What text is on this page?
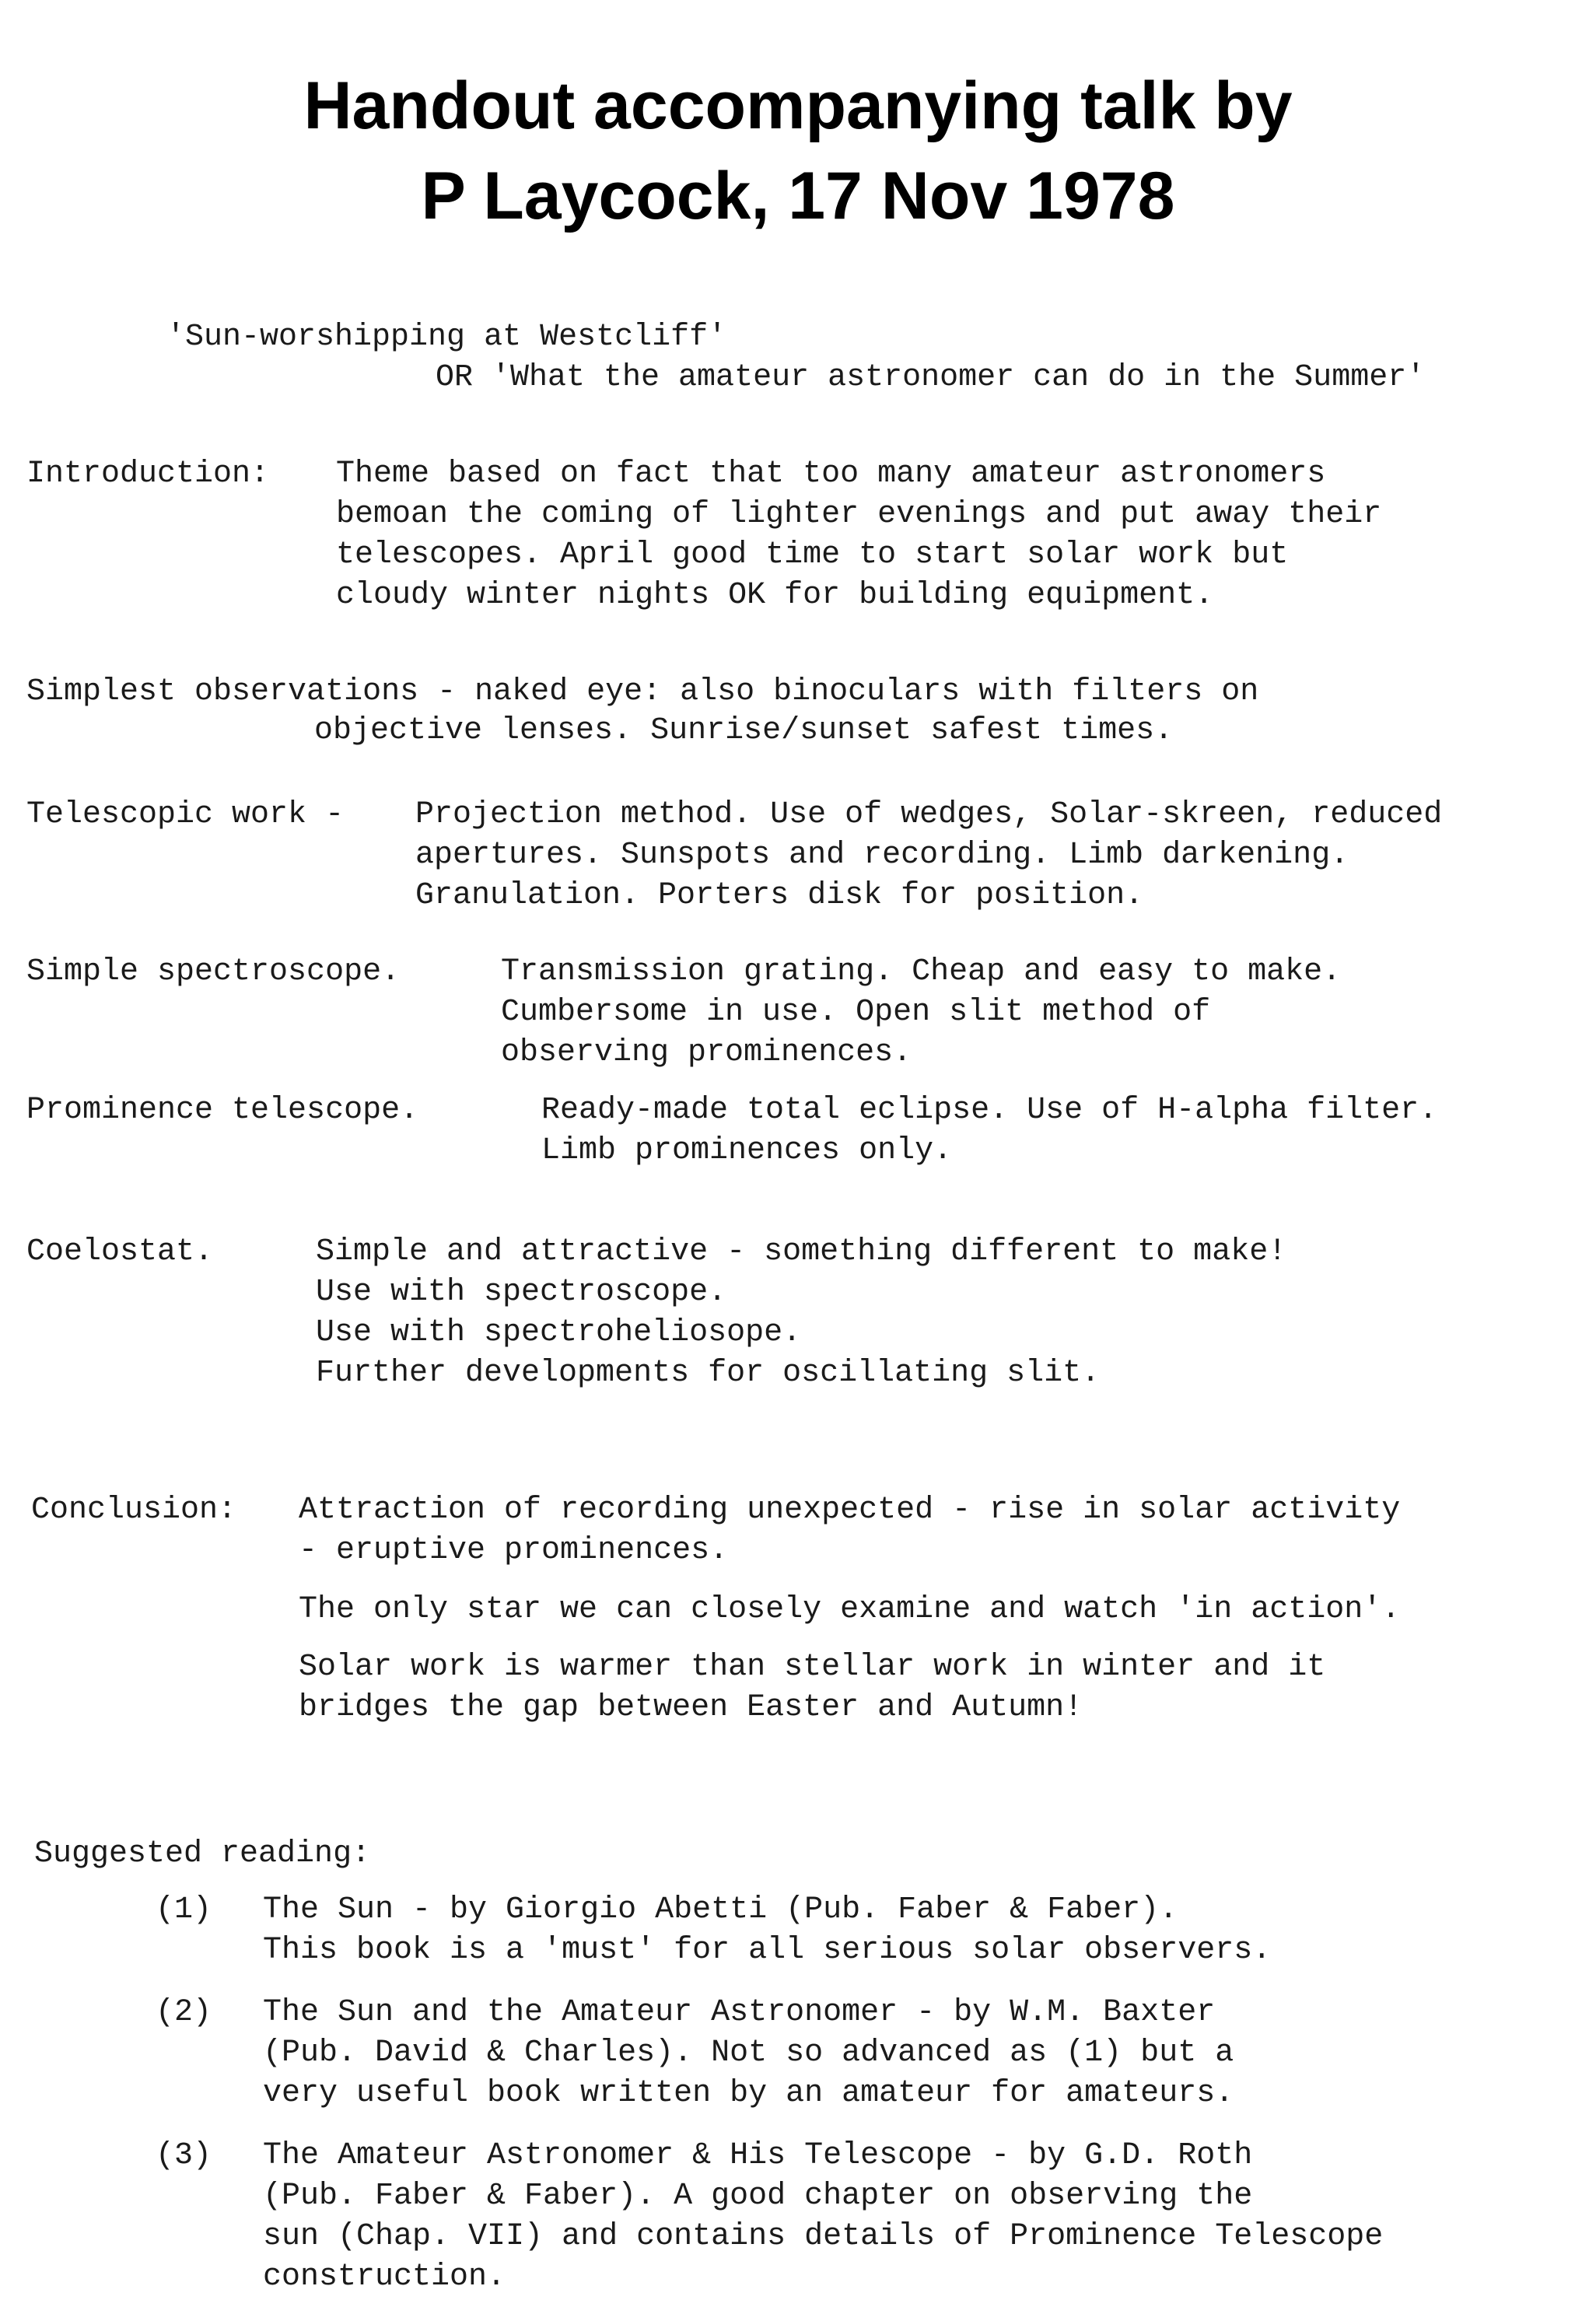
Handout accompanying talk by
P Laycock, 17 Nov 1978
'Sun-worshipping at Westcliff'
OR 'What the amateur astronomer can do in the Summer'
Introduction: Theme based on fact that too many amateur astronomers
bemoan the coming of lighter evenings and put away their
telescopes. April good time to start solar work but
cloudy winter nights OK for building equipment.
Simplest observations - naked eye: also binoculars with filters on
objective lenses. Sunrise/sunset safest times.
Telescopic work - Projection method. Use of wedges, Solar-skreen, reduced
apertures. Sunspots and recording. Limb darkening.
Granulation. Porters disk for position.
Simple spectroscope.	Transmission grating. Cheap and easy to make.
Cumbersome in use. Open slit method of
observing prominences.
Prominence telescope.	Ready-made total eclipse. Use of H-alpha filter.
Limb prominences only.
Coelostat.	Simple and attractive - something different to make!
Use with spectroscope.
Use with spectroheliosope.
Further developments for oscillating slit.
Conclusion: Attraction of recording unexpected - rise in solar activity
- eruptive prominences.
The only star we can closely examine and watch 'in action'.
Solar work is warmer than stellar work in winter and it
bridges the gap between Easter and Autumn!
Suggested reading:
(1) The Sun - by Giorgio Abetti (Pub. Faber & Faber).
This book is a 'must' for all serious solar observers.
(2) The Sun and the Amateur Astronomer - by W.M. Baxter
(Pub. David & Charles). Not so advanced as (1) but a
very useful book written by an amateur for amateurs.
(3) The Amateur Astronomer & His Telescope - by G.D. Roth
(Pub. Faber & Faber). A good chapter on observing the
sun (Chap. VII) and contains details of Prominence Telescope
construction.
